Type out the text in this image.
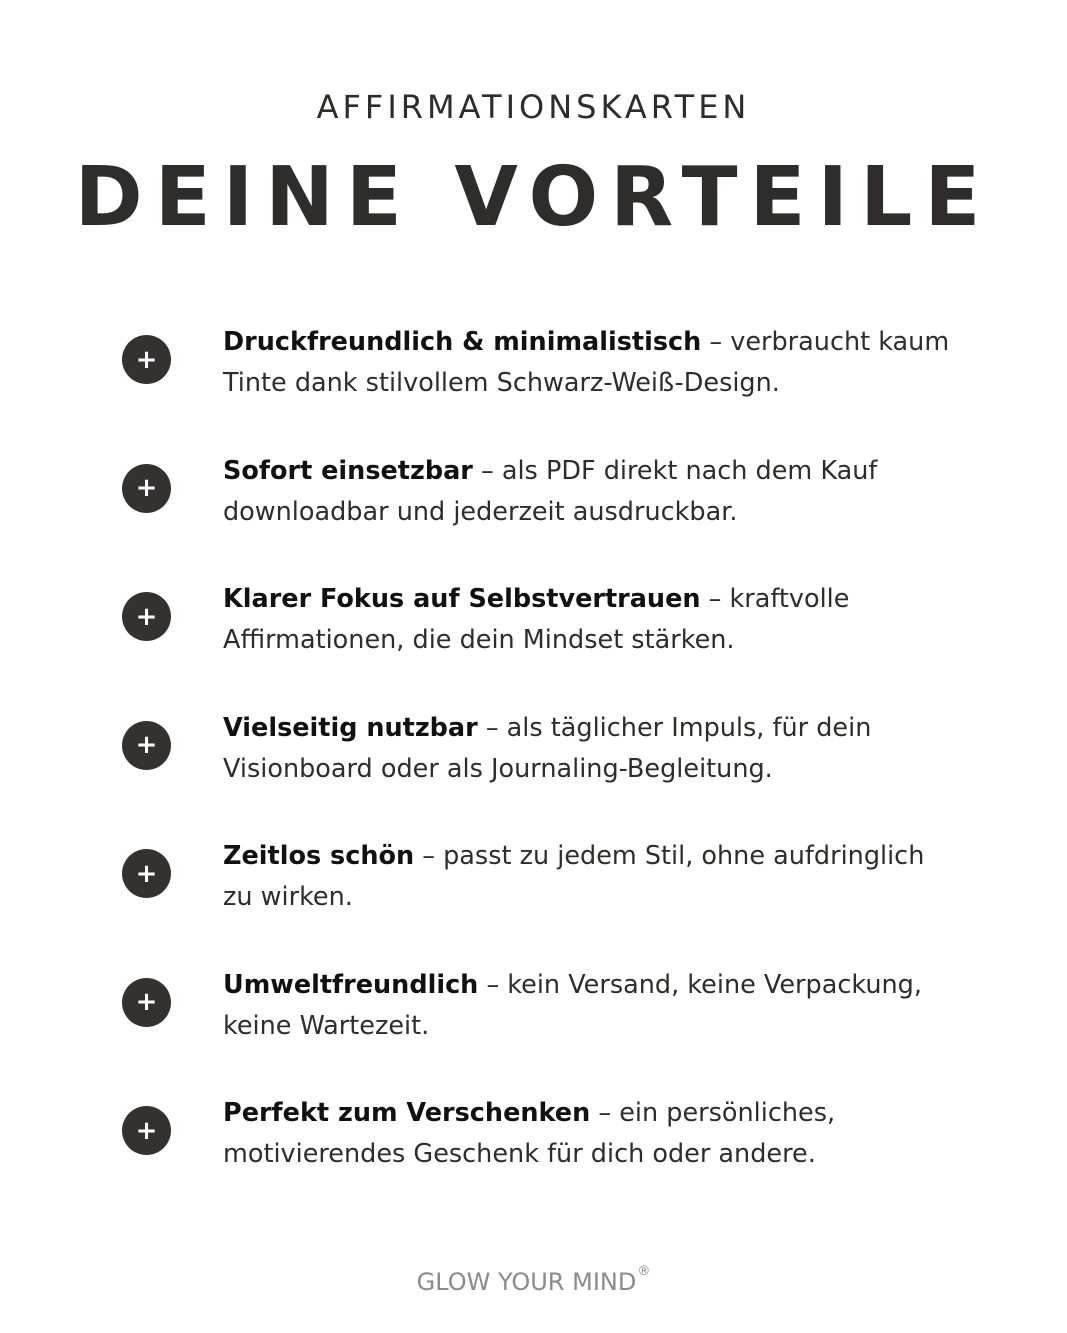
AFFIRMATIONSKARTEN
DEINE VORTEILE
+
Druckfreundlich & minimalistisch – verbraucht kaum Tinte dank stilvollem Schwarz-Weiß-Design.
+
Sofort einsetzbar – als PDF direkt nach dem Kauf downloadbar und jederzeit ausdruckbar.
+
Klarer Fokus auf Selbstvertrauen – kraftvolle Affirmationen, die dein Mindset stärken.
+
Vielseitig nutzbar – als täglicher Impuls, für dein Visionboard oder als Journaling-Begleitung.
+
Zeitlos schön – passt zu jedem Stil, ohne aufdringlich zu wirken.
+
Umweltfreundlich – kein Versand, keine Verpackung, keine Wartezeit.
+
Perfekt zum Verschenken – ein persönliches, motivierendes Geschenk für dich oder andere.
GLOW YOUR MIND®
